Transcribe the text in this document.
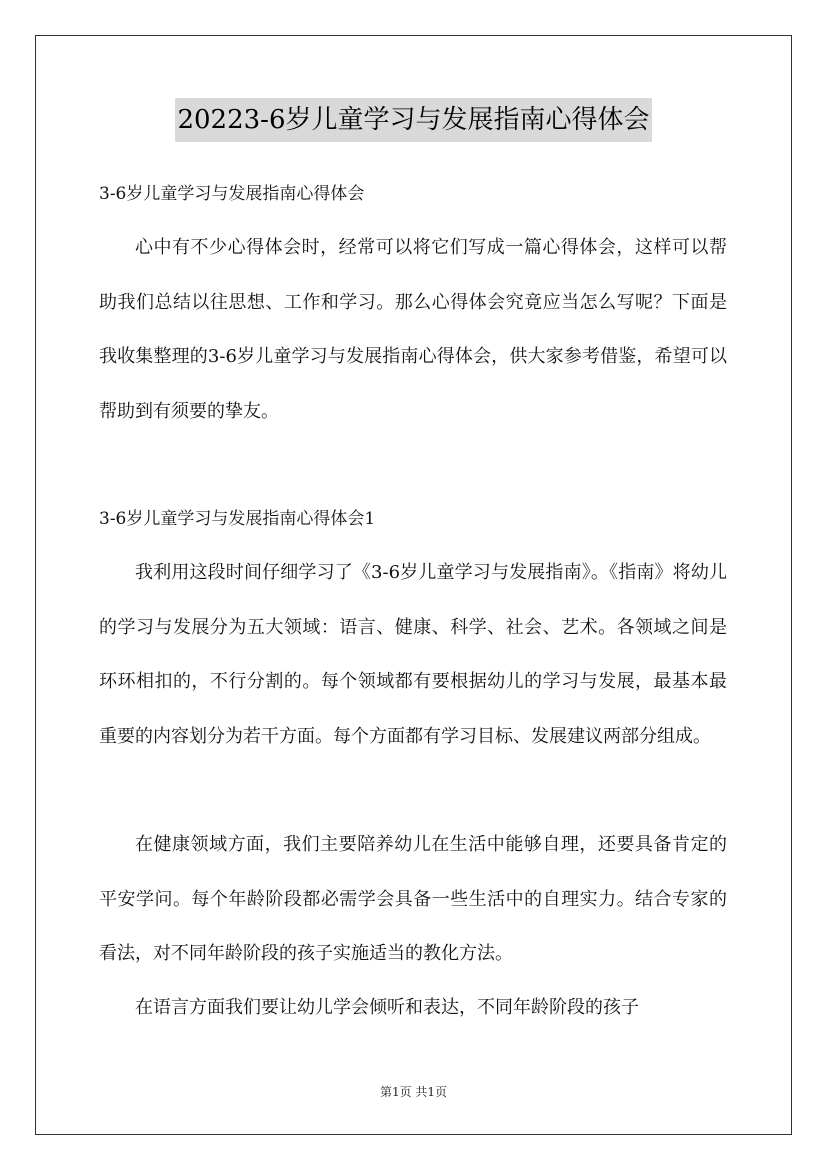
20223-6岁儿童学习与发展指南心得体会
3-6岁儿童学习与发展指南心得体会

心中有不少心得体会时，经常可以将它们写成一篇心得体会，这样可以帮助我们总结以往思想、工作和学习。那么心得体会究竟应当怎么写呢？下面是我收集整理的3-6岁儿童学习与发展指南心得体会，供大家参考借鉴，希望可以帮助到有须要的挚友。

3-6岁儿童学习与发展指南心得体会1

我利用这段时间仔细学习了《3-6岁儿童学习与发展指南》。《指南》将幼儿的学习与发展分为五大领域：语言、健康、科学、社会、艺术。各领域之间是环环相扣的，不行分割的。每个领域都有要根据幼儿的学习与发展，最基本最重要的内容划分为若干方面。每个方面都有学习目标、发展建议两部分组成。

在健康领域方面，我们主要陪养幼儿在生活中能够自理，还要具备肯定的平安学问。每个年龄阶段都必需学会具备一些生活中的自理实力。结合专家的看法，对不同年龄阶段的孩子实施适当的教化方法。

在语言方面我们要让幼儿学会倾听和表达，不同年龄阶段的孩子

第1页 共1页
